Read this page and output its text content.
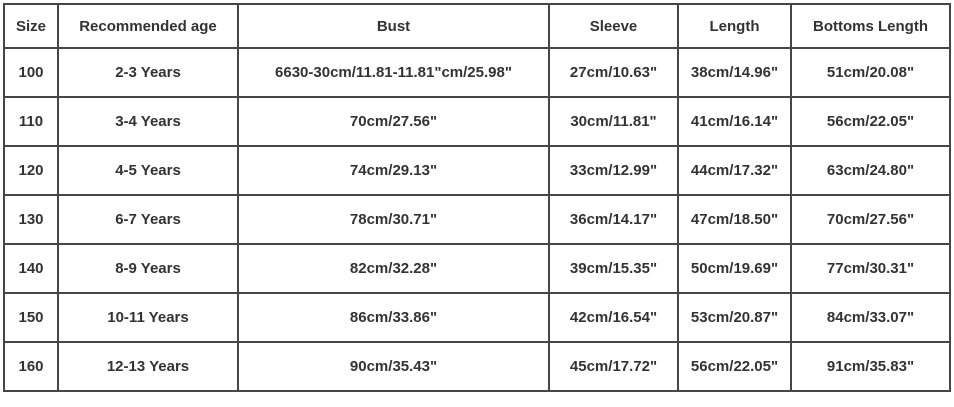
Size	Recommended age	Bust	Sleeve	Length	Bottoms Length
100	2-3 Years	6630-30cm/11.81-11.81"cm/25.98"	27cm/10.63"	38cm/14.96"	51cm/20.08"
110	3-4 Years	70cm/27.56"	30cm/11.81"	41cm/16.14"	56cm/22.05"
120	4-5 Years	74cm/29.13"	33cm/12.99"	44cm/17.32"	63cm/24.80"
130	6-7 Years	78cm/30.71"	36cm/14.17"	47cm/18.50"	70cm/27.56"
140	8-9 Years	82cm/32.28"	39cm/15.35"	50cm/19.69"	77cm/30.31"
150	10-11 Years	86cm/33.86"	42cm/16.54"	53cm/20.87"	84cm/33.07"
160	12-13 Years	90cm/35.43"	45cm/17.72"	56cm/22.05"	91cm/35.83"
